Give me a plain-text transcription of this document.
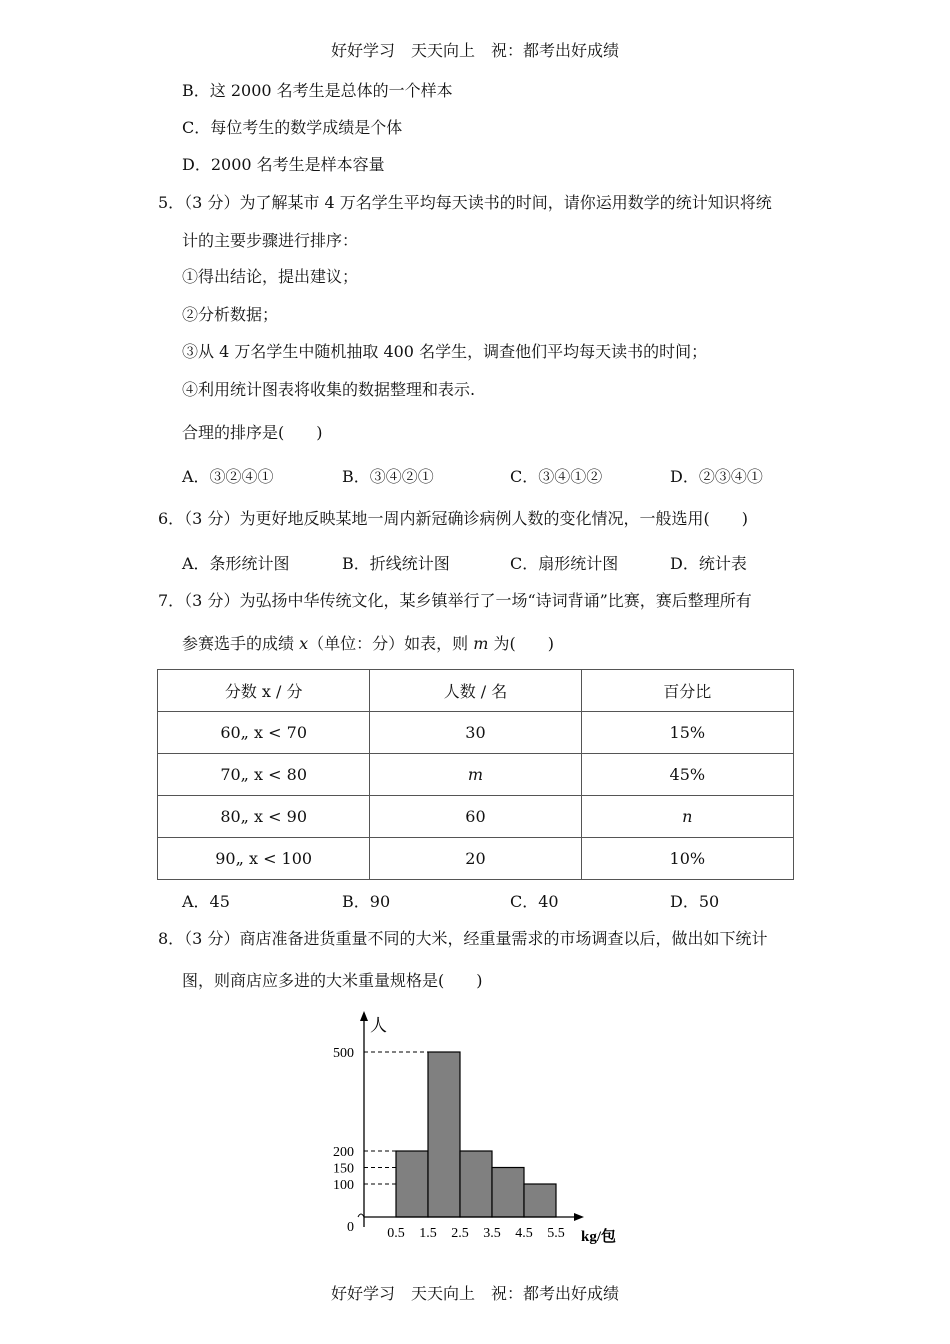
好好学习　天天向上　祝：都考出好成绩
B．这 2000 名考生是总体的一个样本
C．每位考生的数学成绩是个体
D．2000 名考生是样本容量
5．（3 分）为了解某市 4 万名学生平均每天读书的时间，请你运用数学的统计知识将统
计的主要步骤进行排序：
①得出结论，提出建议；
②分析数据；
③从 4 万名学生中随机抽取 400 名学生，调查他们平均每天读书的时间；
④利用统计图表将收集的数据整理和表示.
合理的排序是(　　)
A．③②④①	B．③④②①	C．③④①②	D．②③④①
6．（3 分）为更好地反映某地一周内新冠确诊病例人数的变化情况，一般选用(　　)
A．条形统计图	B．折线统计图	C．扇形统计图	D．统计表
7．（3 分）为弘扬中华传统文化，某乡镇举行了一场“诗词背诵”比赛，赛后整理所有
参赛选手的成绩 x（单位：分）如表，则 m 为(　　)
分数 x / 分	人数 / 名	百分比
60„ x < 70	30	15%
70„ x < 80	m	45%
80„ x < 90	60	n
90„ x < 100	20	10%
A．45	B．90	C．40	D．50
8．（3 分）商店准备进货重量不同的大米，经重量需求的市场调查以后，做出如下统计
图，则商店应多进的大米重量规格是(　　)
0
100
150
200
500
0.5 1.5 2.5 3.5 4.5 5.5
人
kg/包
好好学习　天天向上　祝：都考出好成绩
